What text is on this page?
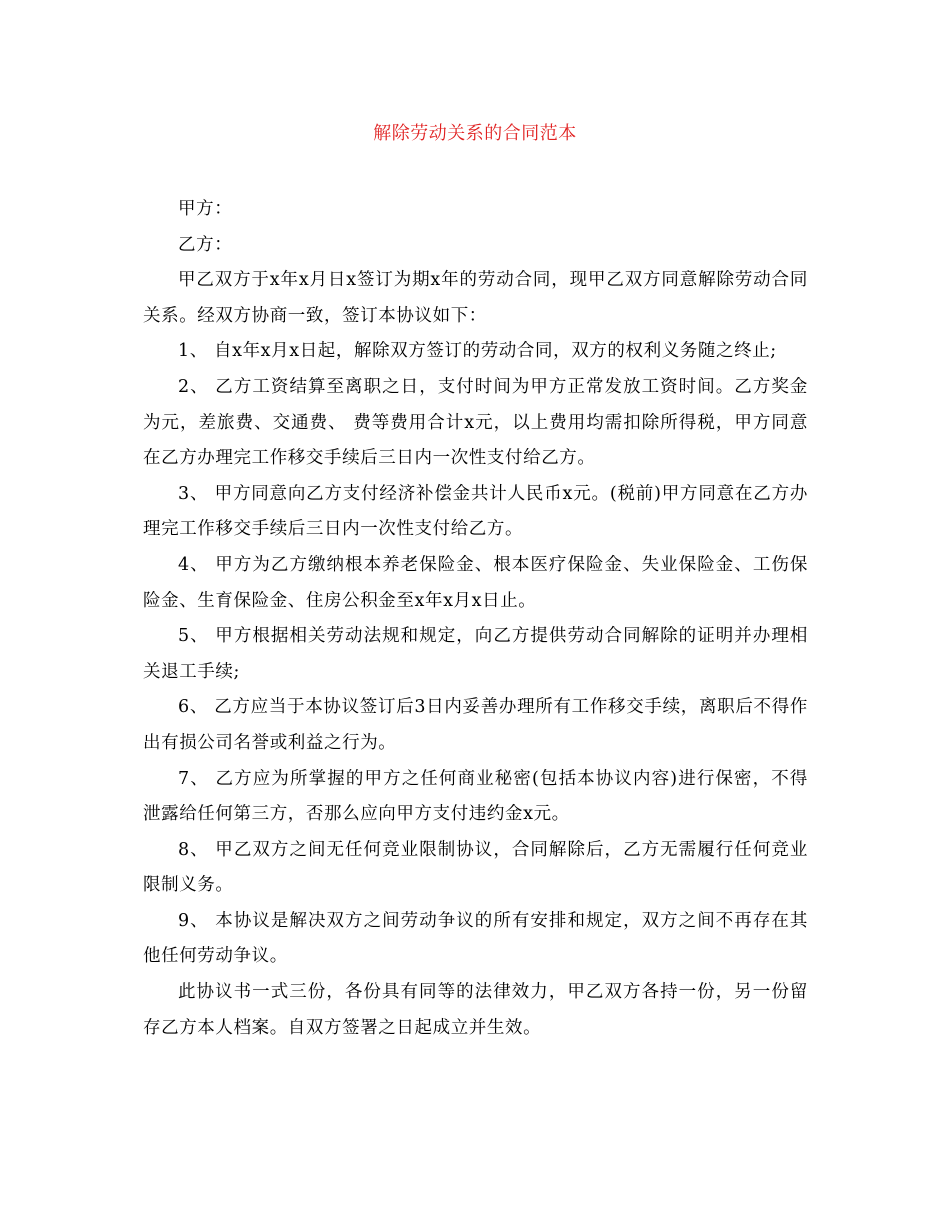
解除劳动关系的合同范本

甲方：

乙方：

甲乙双方于x年x月日x签订为期x年的劳动合同，现甲乙双方同意解除劳动合同关系。经双方协商一致，签订本协议如下：

1、 自x年x月x日起，解除双方签订的劳动合同，双方的权利义务随之终止;

2、 乙方工资结算至离职之日，支付时间为甲方正常发放工资时间。乙方奖金为元，差旅费、交通费、 费等费用合计x元，以上费用均需扣除所得税，甲方同意在乙方办理完工作移交手续后三日内一次性支付给乙方。

3、 甲方同意向乙方支付经济补偿金共计人民币x元。(税前)甲方同意在乙方办理完工作移交手续后三日内一次性支付给乙方。

4、 甲方为乙方缴纳根本养老保险金、根本医疗保险金、失业保险金、工伤保险金、生育保险金、住房公积金至x年x月x日止。

5、 甲方根据相关劳动法规和规定，向乙方提供劳动合同解除的证明并办理相关退工手续;

6、 乙方应当于本协议签订后3日内妥善办理所有工作移交手续，离职后不得作出有损公司名誉或利益之行为。

7、 乙方应为所掌握的甲方之任何商业秘密(包括本协议内容)进行保密，不得泄露给任何第三方，否那么应向甲方支付违约金x元。

8、 甲乙双方之间无任何竞业限制协议，合同解除后，乙方无需履行任何竞业限制义务。

9、 本协议是解决双方之间劳动争议的所有安排和规定，双方之间不再存在其他任何劳动争议。

此协议书一式三份，各份具有同等的法律效力，甲乙双方各持一份，另一份留存乙方本人档案。自双方签署之日起成立并生效。
